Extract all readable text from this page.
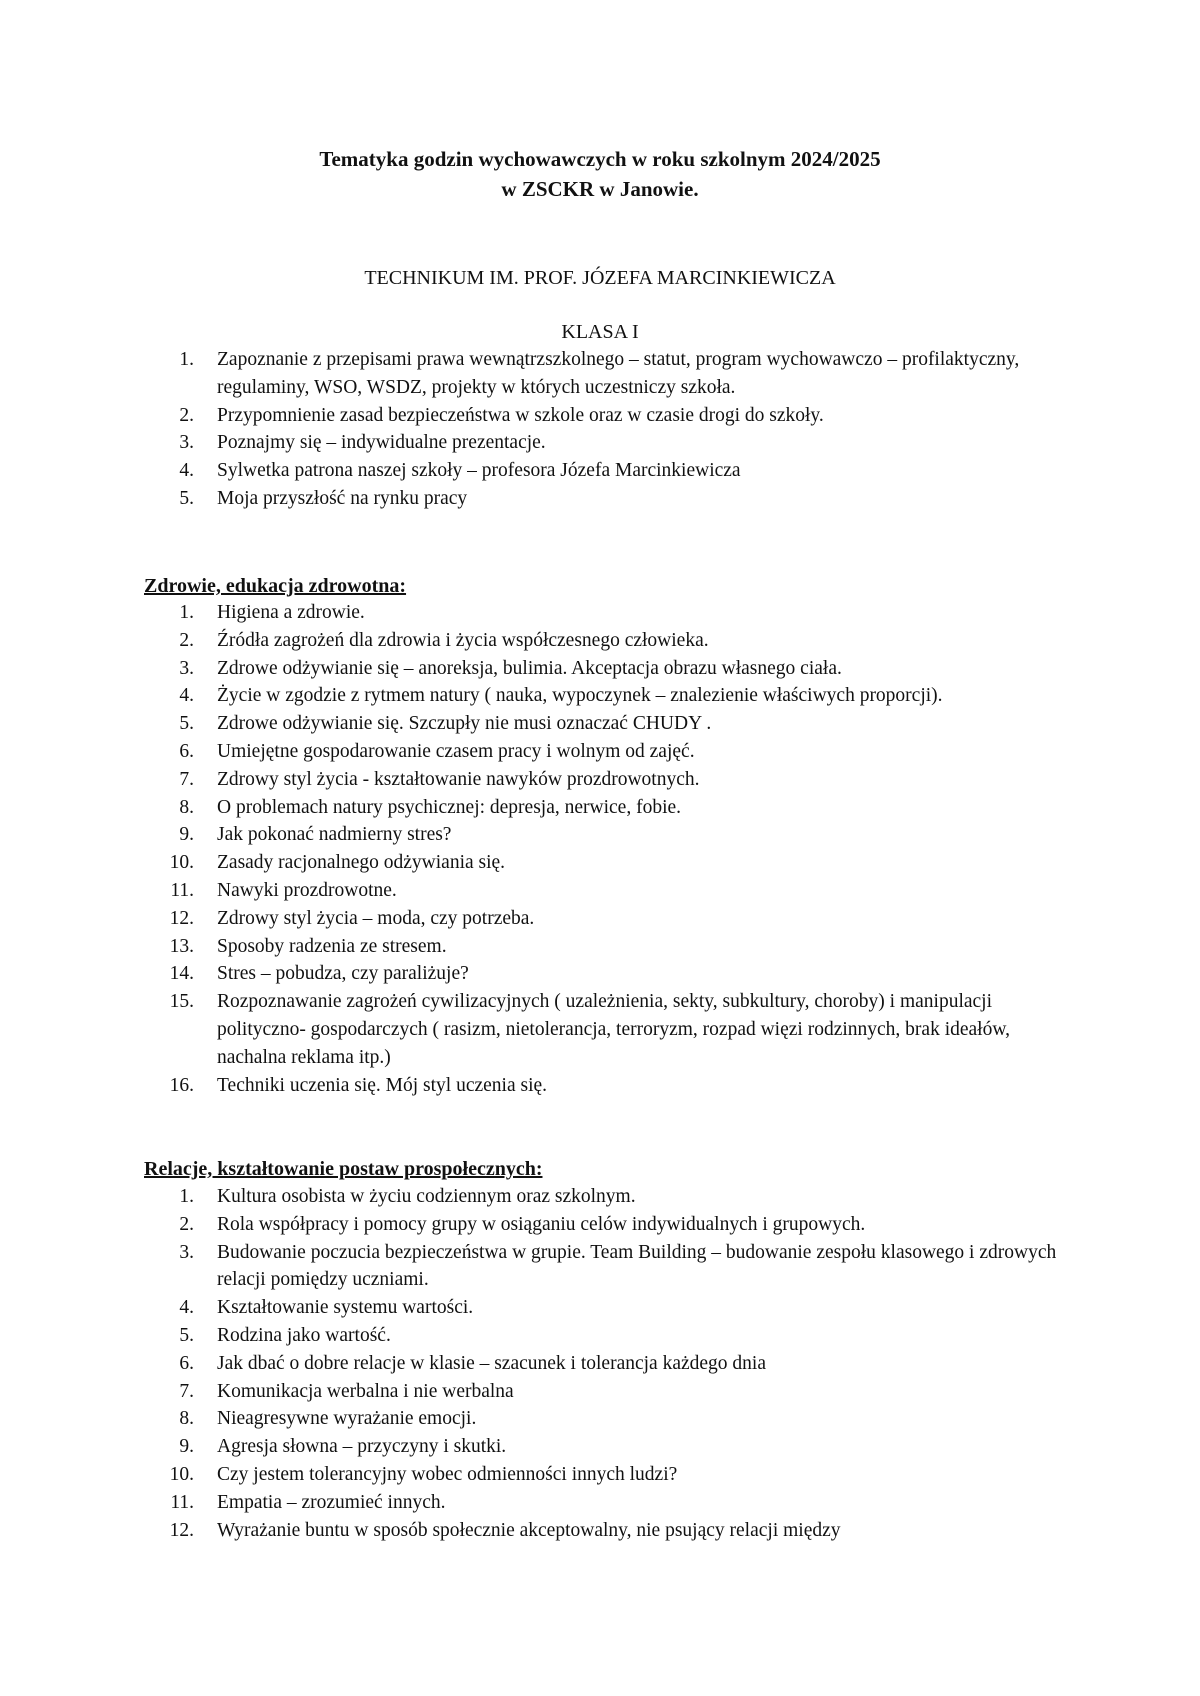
Tematyka godzin wychowawczych w roku szkolnym 2024/2025
w ZSCKR w Janowie.
TECHNIKUM IM. PROF. JÓZEFA MARCINKIEWICZA
KLASA I
1. Zapoznanie z przepisami prawa wewnątrzszkolnego – statut, program wychowawczo – profilaktyczny, regulaminy, WSO, WSDZ, projekty w których uczestniczy szkoła.
2. Przypomnienie zasad bezpieczeństwa w szkole oraz w czasie drogi do szkoły.
3. Poznajmy się – indywidualne prezentacje.
4. Sylwetka patrona naszej szkoły – profesora Józefa Marcinkiewicza
5. Moja przyszłość na rynku pracy
Zdrowie, edukacja zdrowotna:
1. Higiena a zdrowie.
2. Źródła zagrożeń dla zdrowia i życia współczesnego człowieka.
3. Zdrowe odżywianie się – anoreksja, bulimia. Akceptacja obrazu własnego ciała.
4. Życie w zgodzie z rytmem natury ( nauka, wypoczynek – znalezienie właściwych proporcji).
5. Zdrowe odżywianie się. Szczupły nie musi oznaczać CHUDY .
6. Umiejętne gospodarowanie czasem pracy i wolnym od zajęć.
7. Zdrowy styl życia - kształtowanie nawyków prozdrowotnych.
8. O problemach natury psychicznej: depresja, nerwice, fobie.
9. Jak pokonać nadmierny stres?
10. Zasady racjonalnego odżywiania się.
11. Nawyki prozdrowotne.
12. Zdrowy styl życia – moda, czy potrzeba.
13. Sposoby radzenia ze stresem.
14. Stres – pobudza, czy paraliżuje?
15. Rozpoznawanie zagrożeń cywilizacyjnych ( uzależnienia, sekty, subkultury, choroby) i manipulacji polityczno- gospodarczych ( rasizm, nietolerancja, terroryzm, rozpad więzi rodzinnych, brak ideałów, nachalna reklama itp.)
16. Techniki uczenia się. Mój styl uczenia się.
Relacje, kształtowanie postaw prospołecznych:
1. Kultura osobista w życiu codziennym oraz szkolnym.
2. Rola współpracy i pomocy grupy w osiąganiu celów indywidualnych i grupowych.
3. Budowanie poczucia bezpieczeństwa w grupie. Team Building – budowanie zespołu klasowego i zdrowych relacji pomiędzy uczniami.
4. Kształtowanie systemu wartości.
5. Rodzina jako wartość.
6. Jak dbać o dobre relacje w klasie – szacunek i tolerancja każdego dnia
7. Komunikacja werbalna i nie werbalna
8. Nieagresywne wyrażanie emocji.
9. Agresja słowna – przyczyny i skutki.
10. Czy jestem tolerancyjny wobec odmienności innych ludzi?
11. Empatia – zrozumieć innych.
12. Wyrażanie buntu w sposób społecznie akceptowalny, nie psujący relacji między
